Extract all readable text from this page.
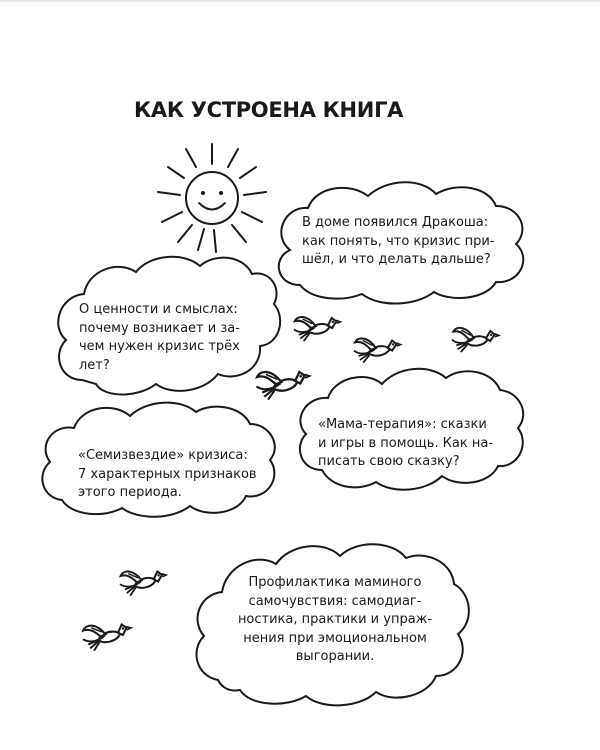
КАК УСТРОЕНА КНИГА

В доме появился Дракоша:
как понять, что кризис при-
шёл, и что делать дальше?

О ценности и смыслах:
почему возникает и за-
чем нужен кризис трёх
лет?

«Мама-терапия»: сказки
и игры в помощь. Как на-
писать свою сказку?

«Семизвездие» кризиса:
7 характерных признаков
этого периода.

Профилактика маминого
самочувствия: самодиаг-
ностика, практики и упраж-
нения при эмоциональном
выгорании.
